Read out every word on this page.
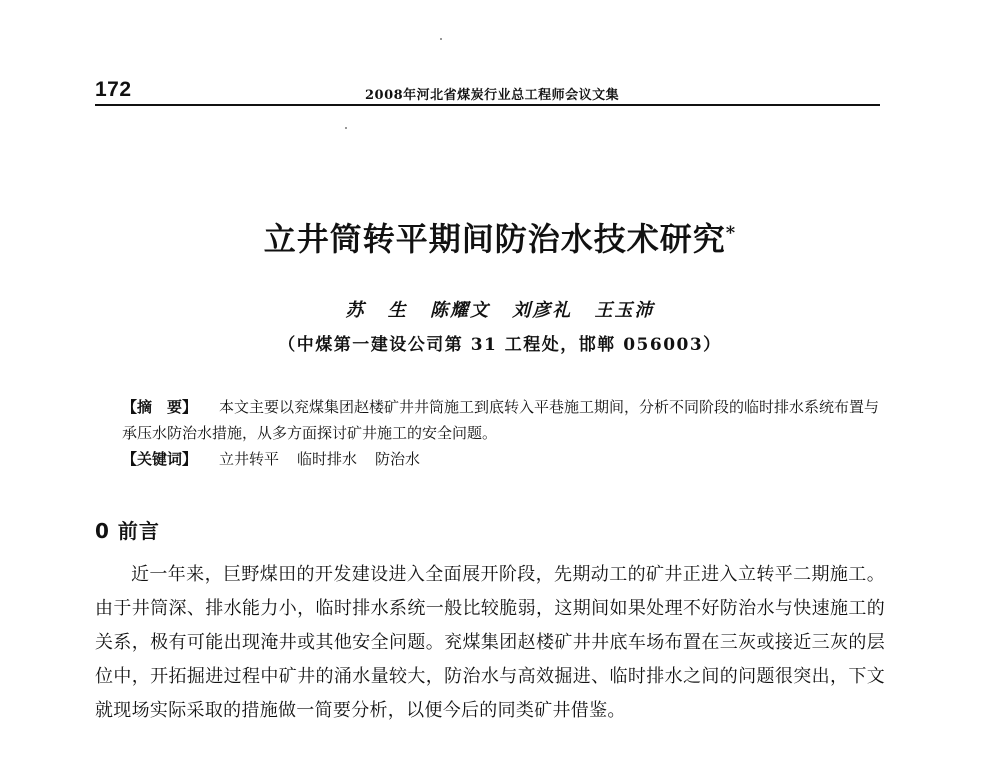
172	2008年河北省煤炭行业总工程师会议文集
立井筒转平期间防治水技术研究*
苏 生 陈耀文 刘彦礼 王玉沛
（中煤第一建设公司第 31 工程处，邯郸 056003）
【摘　要】 本文主要以兖煤集团赵楼矿井井筒施工到底转入平巷施工期间，分析不同阶段的临时排水系统布置与承压水防治水措施，从多方面探讨矿井施工的安全问题。
【关键词】 立井转平 临时排水 防治水
0 前言
近一年来，巨野煤田的开发建设进入全面展开阶段，先期动工的矿井正进入立转平二期施工。由于井筒深、排水能力小，临时排水系统一般比较脆弱，这期间如果处理不好防治水与快速施工的关系，极有可能出现淹井或其他安全问题。兖煤集团赵楼矿井井底车场布置在三灰或接近三灰的层位中，开拓掘进过程中矿井的涌水量较大，防治水与高效掘进、临时排水之间的问题很突出，下文就现场实际采取的措施做一简要分析，以便今后的同类矿井借鉴。
